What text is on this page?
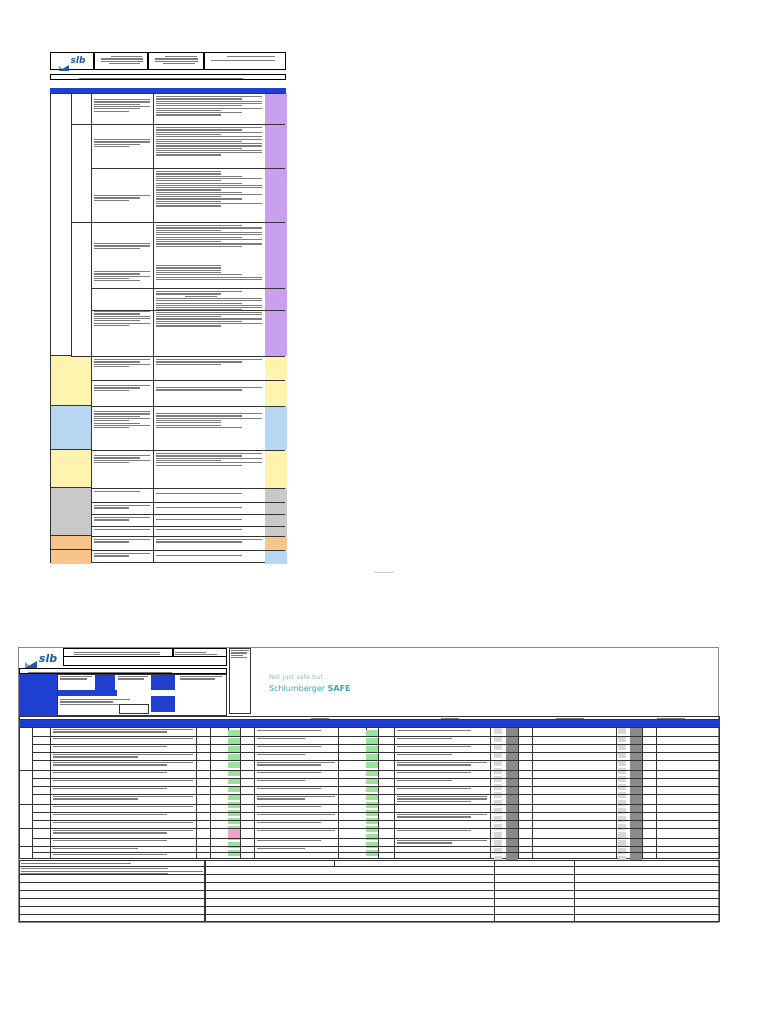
slb
slb
Not just safe but...
Schlumberger SAFE
